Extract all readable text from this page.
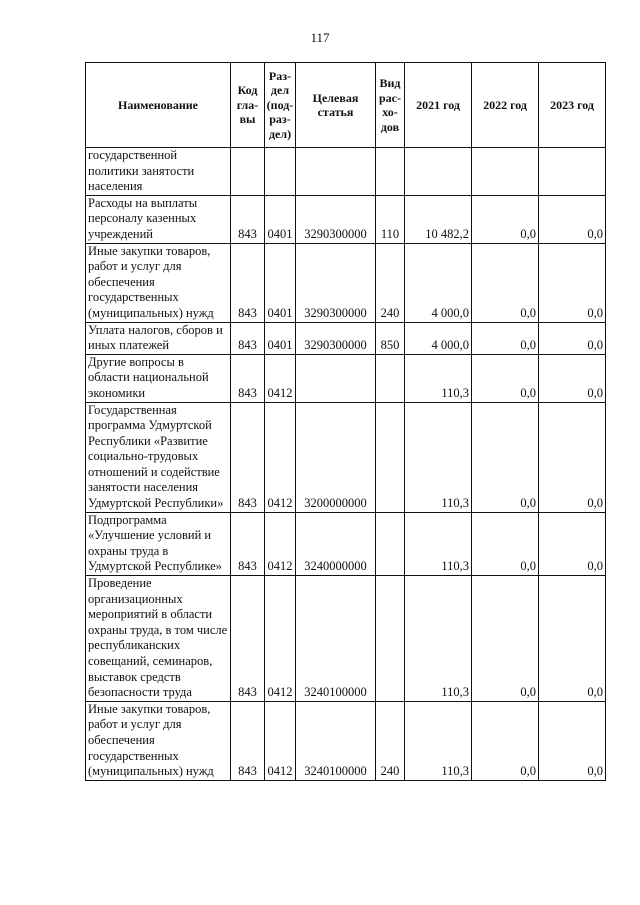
117
Наименование	Код гла- вы	Раз- дел (под- раз- дел)	Целевая статья	Вид рас- хо- дов	2021 год	2022 год	2023 год
государственной политики занятости населения							
Расходы на выплаты персоналу казенных учреждений	843	0401	3290300000	110	10 482,2	0,0	0,0
Иные закупки товаров, работ и услуг для обеспечения государственных (муниципальных) нужд	843	0401	3290300000	240	4 000,0	0,0	0,0
Уплата налогов, сборов и иных платежей	843	0401	3290300000	850	4 000,0	0,0	0,0
Другие вопросы в области национальной экономики	843	0412			110,3	0,0	0,0
Государственная программа Удмуртской Республики «Развитие социально-трудовых отношений и содействие занятости населения Удмуртской Республики»	843	0412	3200000000		110,3	0,0	0,0
Подпрограмма «Улучшение условий и охраны труда в Удмуртской Республике»	843	0412	3240000000		110,3	0,0	0,0
Проведение организационных мероприятий в области охраны труда, в том числе республиканских совещаний, семинаров, выставок средств безопасности труда	843	0412	3240100000		110,3	0,0	0,0
Иные закупки товаров, работ и услуг для обеспечения государственных (муниципальных) нужд	843	0412	3240100000	240	110,3	0,0	0,0
